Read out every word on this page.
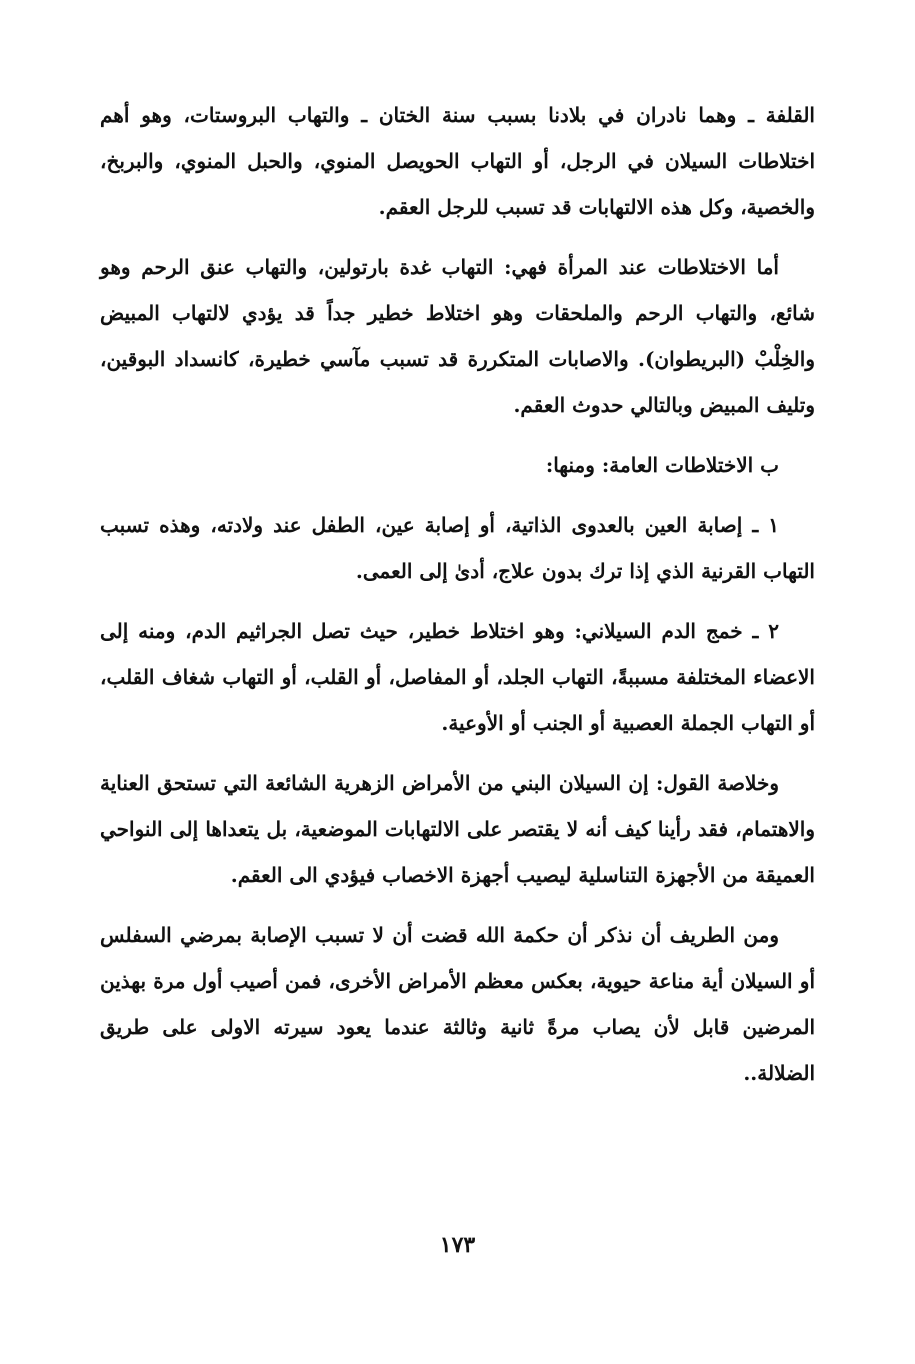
القلفة ـ وهما نادران في بلادنا بسبب سنة الختان ـ والتهاب البروستات، وهو أهم اختلاطات السيلان في الرجل، أو التهاب الحويصل المنوي، والحبل المنوي، والبربخ، والخصية، وكل هذه الالتهابات قد تسبب للرجل العقم.

أما الاختلاطات عند المرأة فهي: التهاب غدة بارتولين، والتهاب عنق الرحم وهو شائع، والتهاب الرحم والملحقات وهو اختلاط خطير جداً قد يؤدي لالتهاب المبيض والخِلْبْ (البريطوان). والاصابات المتكررة قد تسبب مآسي خطيرة، كانسداد البوقين، وتليف المبيض وبالتالي حدوث العقم.

ب الاختلاطات العامة: ومنها:

١ ـ إصابة العين بالعدوى الذاتية، أو إصابة عين، الطفل عند ولادته، وهذه تسبب التهاب القرنية الذي إذا ترك بدون علاج، أدىٰ إلى العمى.

٢ ـ خمج الدم السيلاني: وهو اختلاط خطير، حيث تصل الجراثيم الدم، ومنه إلى الاعضاء المختلفة مسببةً، التهاب الجلد، أو المفاصل، أو القلب، أو التهاب شغاف القلب، أو التهاب الجملة العصبية أو الجنب أو الأوعية.

وخلاصة القول: إن السيلان البني من الأمراض الزهرية الشائعة التي تستحق العناية والاهتمام، فقد رأينا كيف أنه لا يقتصر على الالتهابات الموضعية، بل يتعداها إلى النواحي العميقة من الأجهزة التناسلية ليصيب أجهزة الاخصاب فيؤدي الى العقم.

ومن الطريف أن نذكر أن حكمة الله قضت أن لا تسبب الإصابة بمرضي السفلس أو السيلان أية مناعة حيوية، بعكس معظم الأمراض الأخرى، فمن أصيب أول مرة بهذين المرضين قابل لأن يصاب مرةً ثانية وثالثة عندما يعود سيرته الاولى على طريق الضلالة..

١٧٣
